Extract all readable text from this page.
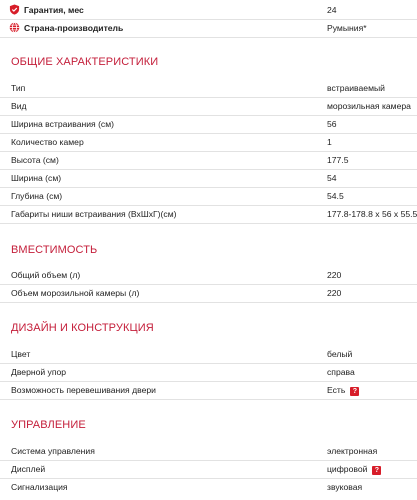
Гарантия, мес	24
Страна-производитель	Румыния*
ОБЩИЕ ХАРАКТЕРИСТИКИ
Тип	встраиваемый
Вид	морозильная камера
Ширина встраивания (см)	56
Количество камер	1
Высота (см)	177.5
Ширина (см)	54
Глубина (см)	54.5
Габариты ниши встраивания (ВхШхГ)(см)	177.8-178.8 x 56 x 55.5
ВМЕСТИМОСТЬ
Общий объем (л)	220
Объем морозильной камеры (л)	220
ДИЗАЙН И КОНСТРУКЦИЯ
Цвет	белый
Дверной упор	справа
Возможность перевешивания двери	Есть ?
УПРАВЛЕНИЕ
Система управления	электронная
Дисплей	цифровой ?
Сигнализация	звуковая
